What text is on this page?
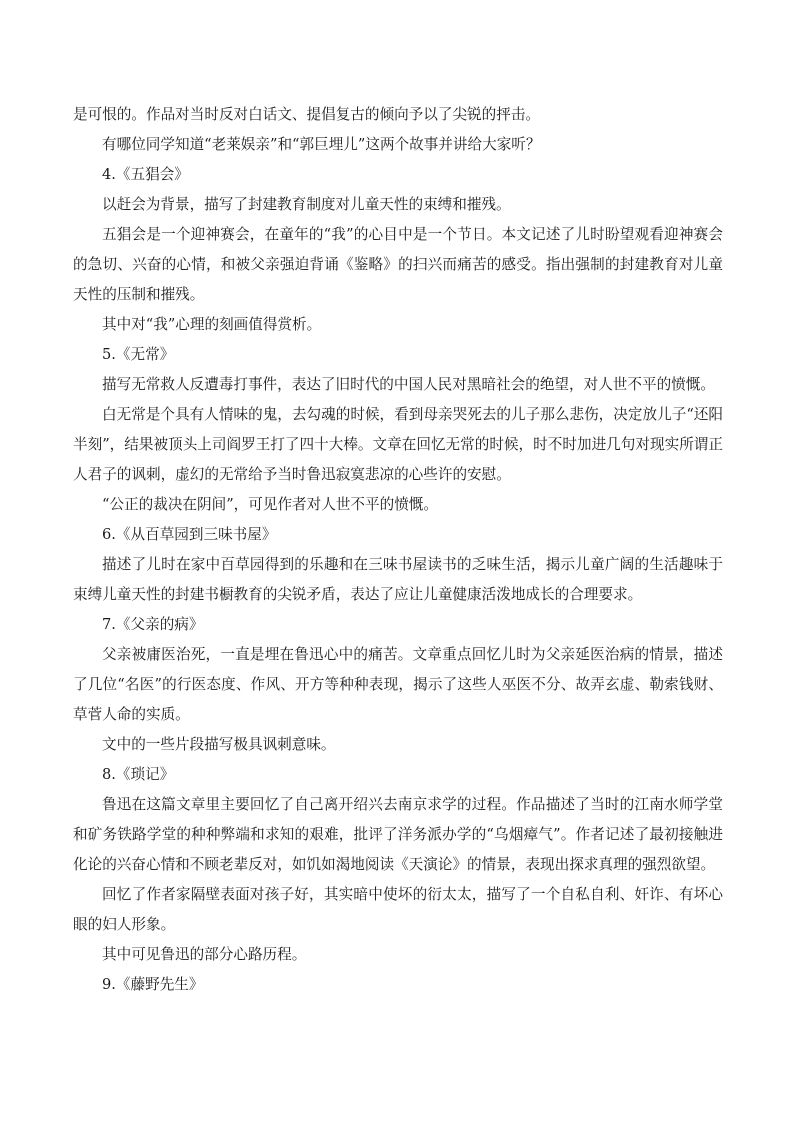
是可恨的。作品对当时反对白话文、提倡复古的倾向予以了尖锐的抨击。

有哪位同学知道“老莱娱亲”和“郭巨埋儿”这两个故事并讲给大家听？

4.《五猖会》

以赶会为背景，描写了封建教育制度对儿童天性的束缚和摧残。

五猖会是一个迎神赛会，在童年的“我”的心目中是一个节日。本文记述了儿时盼望观看迎神赛会的急切、兴奋的心情，和被父亲强迫背诵《鉴略》的扫兴而痛苦的感受。指出强制的封建教育对儿童天性的压制和摧残。

其中对“我”心理的刻画值得赏析。

5.《无常》

描写无常救人反遭毒打事件，表达了旧时代的中国人民对黑暗社会的绝望，对人世不平的愤慨。

白无常是个具有人情味的鬼，去勾魂的时候，看到母亲哭死去的儿子那么悲伤，决定放儿子“还阳半刻”，结果被顶头上司阎罗王打了四十大棒。文章在回忆无常的时候，时不时加进几句对现实所谓正人君子的讽刺，虚幻的无常给予当时鲁迅寂寞悲凉的心些许的安慰。

“公正的裁决在阴间”，可见作者对人世不平的愤慨。

6.《从百草园到三味书屋》

描述了儿时在家中百草园得到的乐趣和在三味书屋读书的乏味生活，揭示儿童广阔的生活趣味于束缚儿童天性的封建书橱教育的尖锐矛盾，表达了应让儿童健康活泼地成长的合理要求。

7.《父亲的病》

父亲被庸医治死，一直是埋在鲁迅心中的痛苦。文章重点回忆儿时为父亲延医治病的情景，描述了几位“名医”的行医态度、作风、开方等种种表现，揭示了这些人巫医不分、故弄玄虚、勒索钱财、草菅人命的实质。

文中的一些片段描写极具讽刺意味。

8.《琐记》

鲁迅在这篇文章里主要回忆了自己离开绍兴去南京求学的过程。作品描述了当时的江南水师学堂和矿务铁路学堂的种种弊端和求知的艰难，批评了洋务派办学的“乌烟瘴气”。作者记述了最初接触进化论的兴奋心情和不顾老辈反对，如饥如渴地阅读《天演论》的情景，表现出探求真理的强烈欲望。

回忆了作者家隔壁表面对孩子好，其实暗中使坏的衍太太，描写了一个自私自利、奸诈、有坏心眼的妇人形象。

其中可见鲁迅的部分心路历程。

9.《藤野先生》
